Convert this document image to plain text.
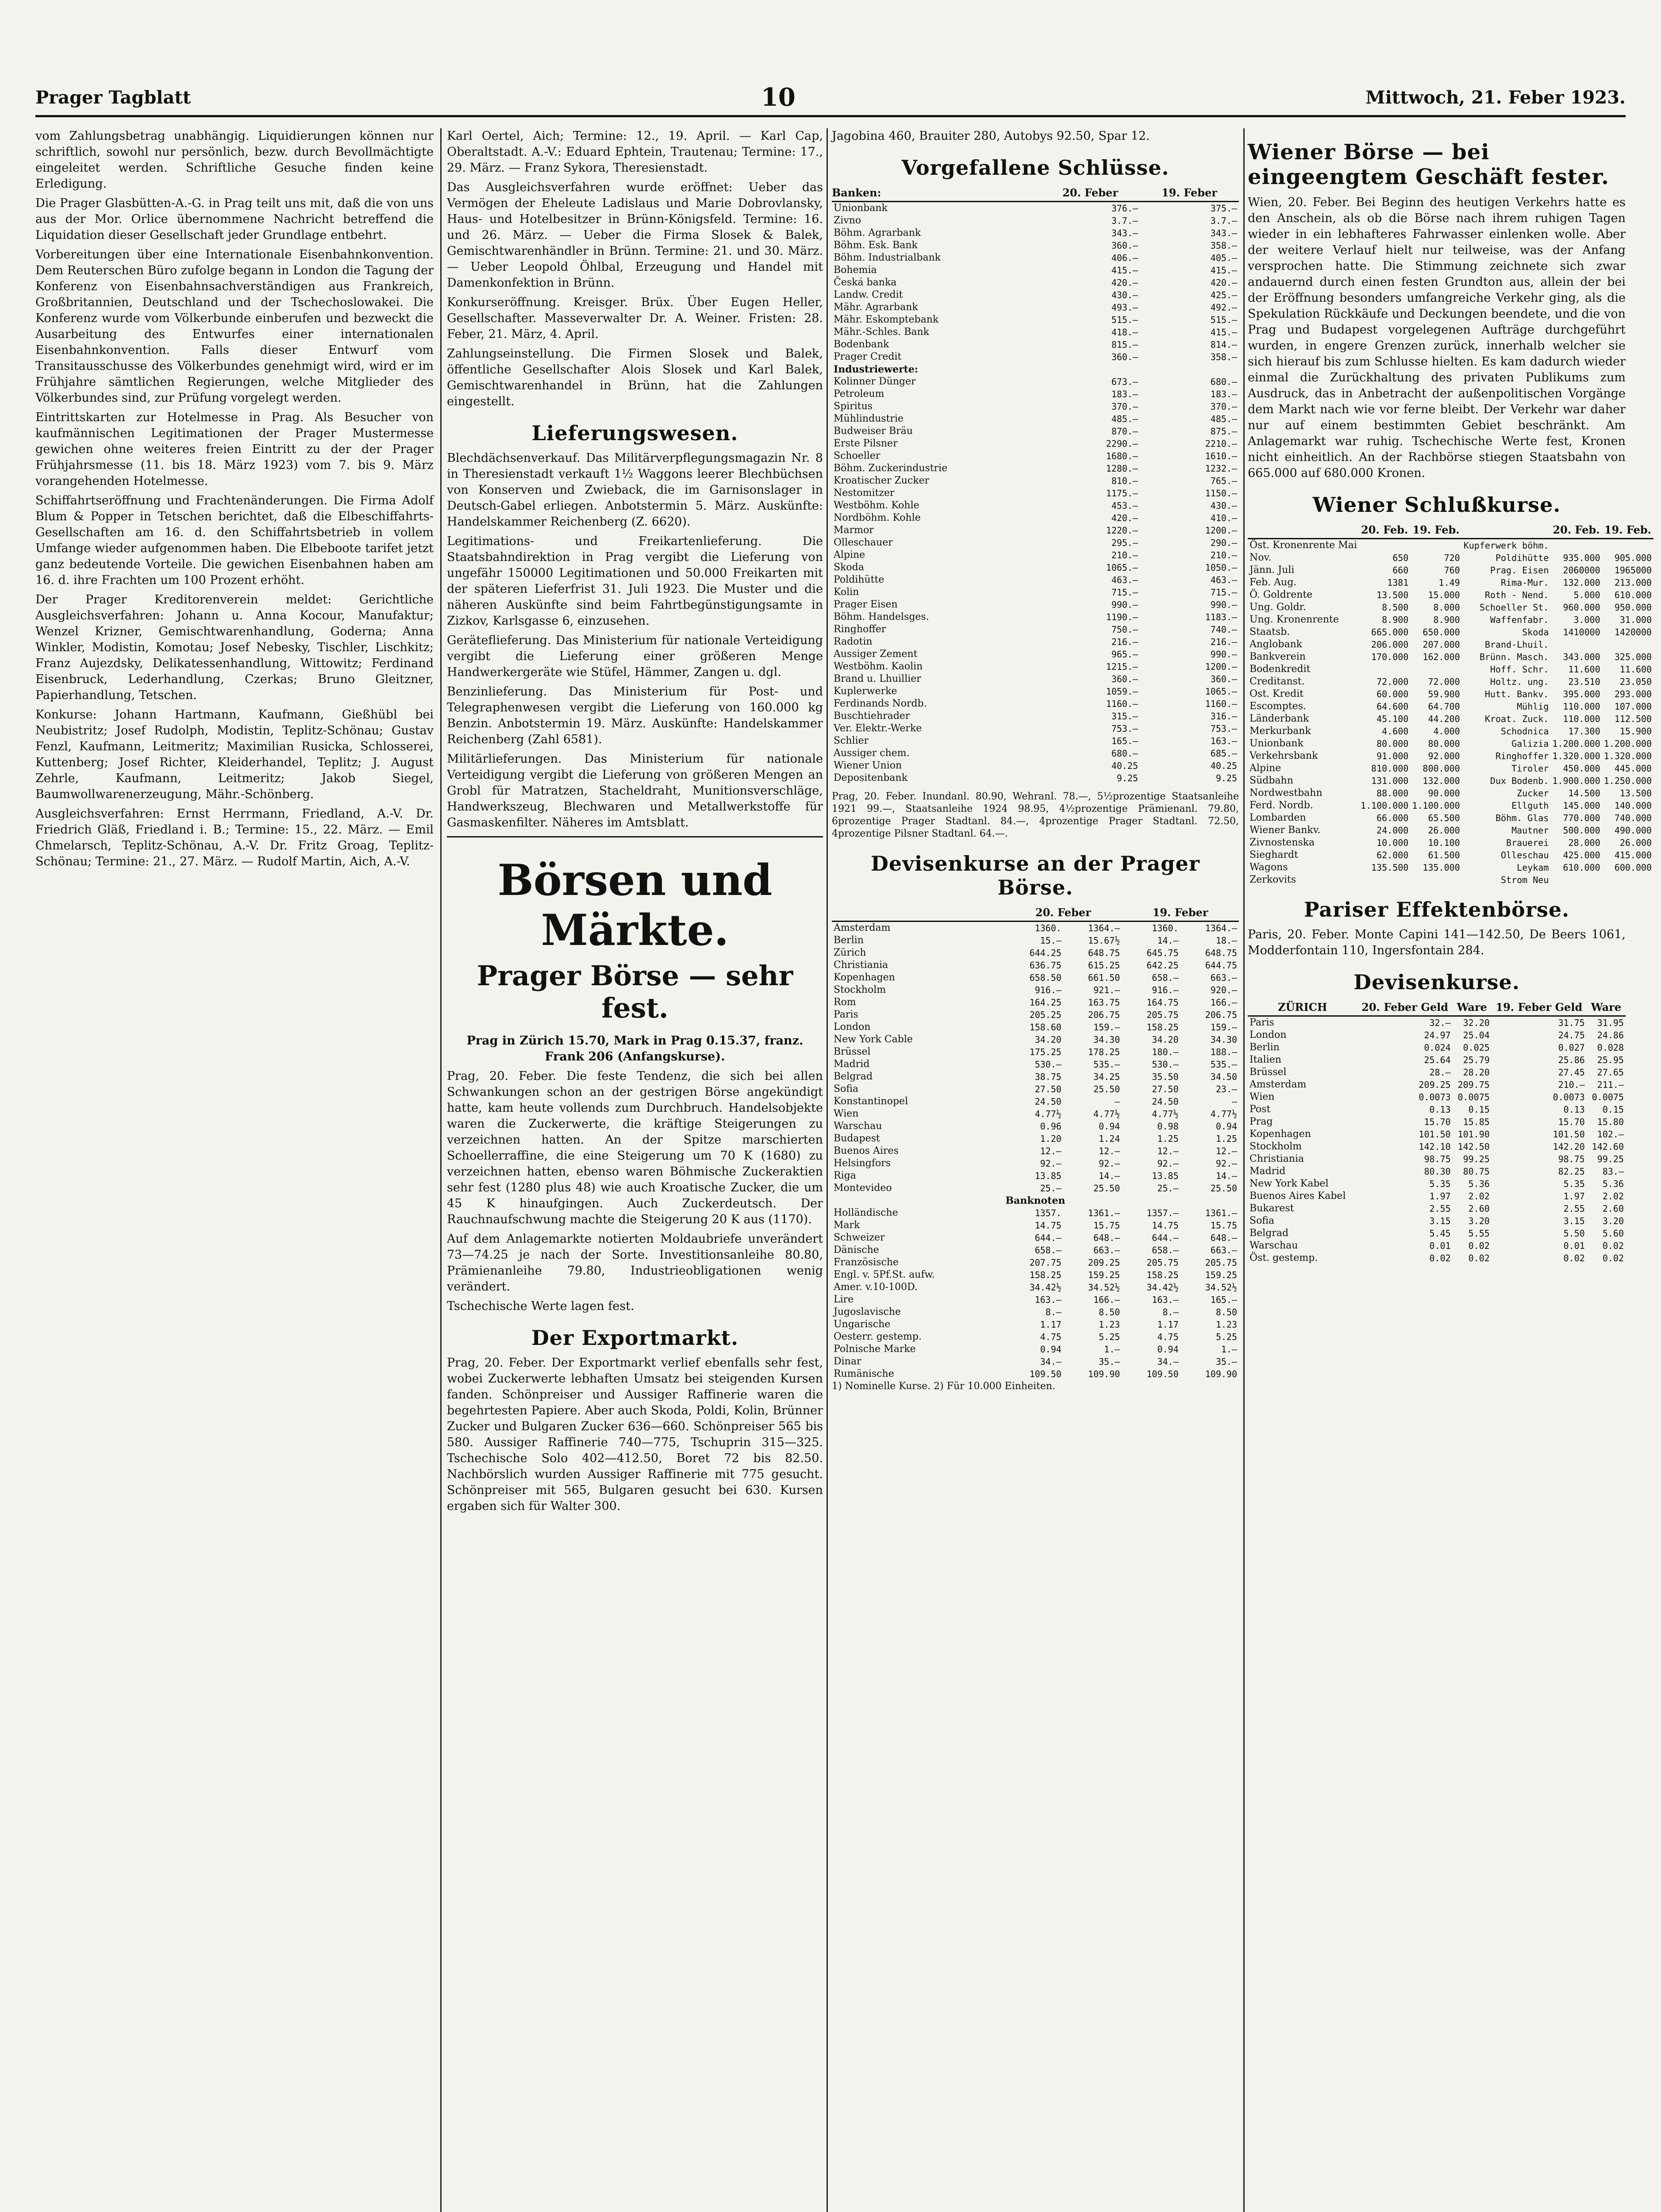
Prager Tagblatt	10	Mittwoch, 21. Feber 1923.

vom Zahlungsbetrag unabhängig. Liquidierungen können nur schriftlich, sowohl nur persönlich, bezw. durch Bevollmächtigte eingeleitet werden. Schriftliche Gesuche finden keine Erledigung.

Die Prager Glasbütten-A.-G. in Prag teilt uns mit, daß die von uns aus der Mor. Orlice übernommene Nachricht betreffend die Liquidation dieser Gesellschaft jeder Grundlage entbehrt.

Vorbereitungen über eine Internationale Eisenbahnkonvention. Dem Reuterschen Büro zufolge begann in London die Tagung der Konferenz von Eisenbahnsachverständigen aus Frankreich, Großbritannien, Deutschland und der Tschechoslowakei. Die Konferenz wurde vom Völkerbunde einberufen und bezweckt die Ausarbeitung des Entwurfes einer internationalen Eisenbahnkonvention. Falls dieser Entwurf vom Transitausschusse des Völkerbundes genehmigt wird, wird er im Frühjahre sämtlichen Regierungen, welche Mitglieder des Völkerbundes sind, zur Prüfung vorgelegt werden.

Eintrittskarten zur Hotelmesse in Prag. Als Besucher von kaufmännischen Legitimationen der Prager Mustermesse gewichen ohne weiteres freien Eintritt zu der der Prager Frühjahrsmesse (11. bis 18. März 1923) vom 7. bis 9. März vorangehenden Hotelmesse.

Schiffahrtseröffnung und Frachtenänderungen. Die Firma Adolf Blum & Popper in Tetschen berichtet, daß die Elbeschiffahrts-Gesellschaften am 16. d. den Schiffahrtsbetrieb in vollem Umfange wieder aufgenommen haben. Die Elbeboote tarifet jetzt ganz bedeutende Vorteile. Die gewichen Eisenbahnen haben am 16. d. ihre Frachten um 100 Prozent erhöht.

Der Prager Kreditorenverein meldet: Gerichtliche Ausgleichsverfahren: Johann u. Anna Kocour, Manufaktur; Wenzel Krizner, Gemischtwarenhandlung, Goderna; Anna Winkler, Modistin, Komotau; Josef Nebesky, Tischler, Lischkitz; Franz Aujezdsky, Delikatessenhandlung, Wittowitz; Ferdinand Eisenbruck, Lederhandlung, Czerkas; Bruno Gleitzner, Papierhandlung, Tetschen.

Konkurse: Johann Hartmann, Kaufmann, Gießhübl bei Neubistritz; Josef Rudolph, Modistin, Teplitz-Schönau; Gustav Fenzl, Kaufmann, Leitmeritz; Maximilian Rusicka, Schlosserei, Kuttenberg; Josef Richter, Kleiderhandel, Teplitz; J. August Zehrle, Kaufmann, Leitmeritz; Jakob Siegel, Baumwollwarenerzeugung, Mähr.-Schönberg.

Ausgleichsverfahren: Ernst Herrmann, Friedland, A.-V. Dr. Friedrich Gläß, Friedland i. B.; Termine: 15., 22. März. — Emil Chmelarsch, Teplitz-Schönau, A.-V. Dr. Fritz Groag, Teplitz-Schönau; Termine: 21., 27. März. — Rudolf Martin, Aich, A.-V.

Karl Oertel, Aich; Termine: 12., 19. April. — Karl Cap, Oberaltstadt. A.-V.: Eduard Ephtein, Trautenau; Termine: 17., 29. März. — Franz Sykora, Theresienstadt.

Das Ausgleichsverfahren wurde eröffnet: Ueber das Vermögen der Eheleute Ladislaus und Marie Dobrovlansky, Haus- und Hotelbesitzer in Brünn-Königsfeld. Termine: 16. und 26. März. — Ueber die Firma Slosek & Balek, Gemischtwarenhändler in Brünn. Termine: 21. und 30. März. — Ueber Leopold Öhlbal, Erzeugung und Handel mit Damenkonfektion in Brünn.

Konkurseröffnung. Kreisger. Brüx. Über Eugen Heller, Gesellschafter. Masseverwalter Dr. A. Weiner. Fristen: 28. Feber, 21. März, 4. April.

Zahlungseinstellung. Die Firmen Slosek und Balek, öffentliche Gesellschafter Alois Slosek und Karl Balek, Gemischtwarenhandel in Brünn, hat die Zahlungen eingestellt.

Lieferungswesen.

Blechdächsenverkauf. Das Militärverpflegungsmagazin Nr. 8 in Theresienstadt verkauft 1½ Waggons leerer Blechbüchsen von Konserven und Zwieback, die im Garnisonslager in Deutsch-Gabel erliegen. Anbotstermin 5. März. Auskünfte: Handelskammer Reichenberg (Z. 6620).

Legitimations- und Freikartenlieferung. Die Staatsbahndirektion in Prag vergibt die Lieferung von ungefähr 150000 Legitimationen und 50.000 Freikarten mit der späteren Lieferfrist 31. Juli 1923. Die Muster und die näheren Auskünfte sind beim Fahrtbegünstigungsamte in Zizkov, Karlsgasse 6, einzusehen.

Geräteflieferung. Das Ministerium für nationale Verteidigung vergibt die Lieferung einer größeren Menge Handwerkergeräte wie Stüfel, Hämmer, Zangen u. dgl.

Benzinlieferung. Das Ministerium für Post- und Telegraphenwesen vergibt die Lieferung von 160.000 kg Benzin. Anbotstermin 19. März. Auskünfte: Handelskammer Reichenberg (Zahl 6581).

Militärlieferungen. Das Ministerium für nationale Verteidigung vergibt die Lieferung von größeren Mengen an Grobl für Matratzen, Stacheldraht, Munitionsverschläge, Handwerkszeug, Blechwaren und Metallwerkstoffe für Gasmaskenfilter. Näheres im Amtsblatt.

Börsen und Märkte.
Prager Börse — sehr fest.

Prag in Zürich 15.70, Mark in Prag 0.15.37, franz. Frank 206 (Anfangskurse).

Prag, 20. Feber. Die feste Tendenz, die sich bei allen Schwankungen schon an der gestrigen Börse angekündigt hatte, kam heute vollends zum Durchbruch. Handelsobjekte waren die Zuckerwerte, die kräftige Steigerungen zu verzeichnen hatten. An der Spitze marschierten Schoellerraffine, die eine Steigerung um 70 K (1680) zu verzeichnen hatten, ebenso waren Böhmische Zuckeraktien sehr fest (1280 plus 48) wie auch Kroatische Zucker, die um 45 K hinaufgingen. Auch Zuckerdeutsch. Der Rauchnaufschwung machte die Steigerung 20 K aus (1170).

Auf dem Anlagemarkte notierten Moldaubriefe unverändert 73—74.25 je nach der Sorte. Investitionsanleihe 80.80, Prämienanleihe 79.80, Industrieobligationen wenig verändert.

Tschechische Werte lagen fest.

Der Exportmarkt.

Prag, 20. Feber. Der Exportmarkt verlief ebenfalls sehr fest, wobei Zuckerwerte lebhaften Umsatz bei steigenden Kursen fanden. Schönpreiser und Aussiger Raffinerie waren die begehrtesten Papiere. Aber auch Skoda, Poldi, Kolin, Brünner Zucker und Bulgaren Zucker 636—660. Schönpreiser 565 bis 580. Aussiger Raffinerie 740—775, Tschuprin 315—325. Tschechische Solo 402—412.50, Boret 72 bis 82.50. Nachbörslich wurden Aussiger Raffinerie mit 775 gesucht. Schönpreiser mit 565, Bulgaren gesucht bei 630. Kursen ergaben sich für Walter 300.

Jagobina 460, Brauiter 280, Autobys 92.50, Spar 12.

Vorgefallene Schlüsse.
Banken:	20. Feber	19. Feber
Unionbank	376.—	375.—
Zivno	3.7.—	3.7.—
Böhm. Agrarbank	343.—	343.—
Böhm. Esk. Bank	360.—	358.—
Böhm. Industrialbank	406.—	405.—
Bohemia	415.—	415.—
Česká banka	420.—	420.—
Landw. Credit	430.—	425.—
Mähr. Agrarbank	493.—	492.—
Mähr. Eskomptebank	515.—	515.—
Mähr.-Schles. Bank	418.—	415.—
Bodenbank	815.—	814.—
Prager Credit	360.—	358.—
Industriewerte:		
Kolinner Dünger	673.—	680.—
Petroleum	183.—	183.—
Spiritus	370.—	370.—
Mühlindustrie	485.—	485.—
Budweiser Bräu	870.—	875.—
Erste Pilsner	2290.—	2210.—
Schoeller	1680.—	1610.—
Böhm. Zuckerindustrie	1280.—	1232.—
Kroatischer Zucker	810.—	765.—
Nestomitzer	1175.—	1150.—
Westböhm. Kohle	453.—	430.—
Nordböhm. Kohle	420.—	410.—
Marmor	1220.—	1200.—
Olleschauer	295.—	290.—
Alpine	210.—	210.—
Skoda	1065.—	1050.—
Poldihütte	463.—	463.—
Kolin	715.—	715.—
Prager Eisen	990.—	990.—
Böhm. Handelsges.	1190.—	1183.—
Ringhoffer	750.—	740.—
Radotin	216.—	216.—
Aussiger Zement	965.—	990.—
Westböhm. Kaolin	1215.—	1200.—
Brand u. Lhuillier	360.—	360.—
Kuplerwerke	1059.—	1065.—
Ferdinands Nordb.	1160.—	1160.—
Buschtiehrader	315.—	316.—
Ver. Elektr.-Werke	753.—	753.—
Schlier	165.—	163.—
Aussiger chem.	680.—	685.—
Wiener Union	40.25	40.25
Depositenbank	9.25	9.25

Prag, 20. Feber. Inundanl. 80.90, Wehranl. 78.—, 5½prozentige Staatsanleihe 1921 99.—, Staatsanleihe 1924 98.95, 4½prozentige Prämienanl. 79.80, 6prozentige Prager Stadtanl. 84.—, 4prozentige Prager Stadtanl. 72.50, 4prozentige Pilsner Stadtanl. 64.—.

Devisenkurse an der Prager Börse.
	20. Feber		19. Feber	
Amsterdam	1360.	1364.—	1360.	1364.—
Berlin	15.—	15.67½	14.—	18.—
Zürich	644.25	648.75	645.75	648.75
Christiania	636.75	615.25	642.25	644.75
Kopenhagen	658.50	661.50	658.—	663.—
Stockholm	916.—	921.—	916.—	920.—
Rom	164.25	163.75	164.75	166.—
Paris	205.25	206.75	205.75	206.75
London	158.60	159.—	158.25	159.—
New York Cable	34.20	34.30	34.20	34.30
Brüssel	175.25	178.25	180.—	188.—
Madrid	530.—	535.—	530.—	535.—
Belgrad	38.75	34.25	35.50	34.50
Sofia	27.50	25.50	27.50	23.—
Konstantinopel	24.50	—	24.50	—
Wien	4.77½	4.77½	4.77½	4.77½
Warschau	0.96	0.94	0.98	0.94
Budapest	1.20	1.24	1.25	1.25
Buenos Aires	12.—	12.—	12.—	12.—
Helsingfors	92.—	92.—	92.—	92.—
Riga	13.85	14.—	13.85	14.—
Montevideo	25.—	25.50	25.—	25.50
Banknoten				
Holländische	1357.	1361.—	1357.—	1361.—
Mark	14.75	15.75	14.75	15.75
Schweizer	644.—	648.—	644.—	648.—
Dänische	658.—	663.—	658.—	663.—
Französische	207.75	209.25	205.75	205.75
Engl. v. 5Pf.St. aufw.	158.25	159.25	158.25	159.25
Amer. v.10-100D.	34.42½	34.52½	34.42½	34.52½
Lire	163.—	166.—	163.—	165.—
Jugoslavische	8.—	8.50	8.—	8.50
Ungarische	1.17	1.23	1.17	1.23
Oesterr. gestemp.	4.75	5.25	4.75	5.25
Polnische Marke	0.94	1.—	0.94	1.—
Dinar	34.—	35.—	34.—	35.—
Rumänische	109.50	109.90	109.50	109.90

1) Nominelle Kurse. 2) Für 10.000 Einheiten.

Wiener Börse — bei eingeengtem Geschäft fester.

Wien, 20. Feber. Bei Beginn des heutigen Verkehrs hatte es den Anschein, als ob die Börse nach ihrem ruhigen Tagen wieder in ein lebhafteres Fahrwasser einlenken wolle. Aber der weitere Verlauf hielt nur teilweise, was der Anfang versprochen hatte. Die Stimmung zeichnete sich zwar andauernd durch einen festen Grundton aus, allein der bei der Eröffnung besonders umfangreiche Verkehr ging, als die Spekulation Rückkäufe und Deckungen beendete, und die von Prag und Budapest vorgelegenen Aufträge durchgeführt wurden, in engere Grenzen zurück, innerhalb welcher sie sich hierauf bis zum Schlusse hielten. Es kam dadurch wieder einmal die Zurückhaltung des privaten Publikums zum Ausdruck, das in Anbetracht der außenpolitischen Vorgänge dem Markt nach wie vor ferne bleibt. Der Verkehr war daher nur auf einem bestimmten Gebiet beschränkt. Am Anlagemarkt war ruhig. Tschechische Werte fest, Kronen nicht einheitlich. An der Rachbörse stiegen Staatsbahn von 665.000 auf 680.000 Kronen.

Wiener Schlußkurse.
	20. Feb.	19. Feb.		20. Feb.	19. Feb.
Öst. Kronenrente Mai			Kupferwerk böhm.		
Nov.	650	720	Poldihütte	935.000	905.000
Jänn. Juli	660	760	Prag. Eisen	2060000	1965000
Feb. Aug.	1381	1.49	Rima-Mur.	132.000	213.000
Ö. Goldrente	13.500	15.000	Roth - Nend.	5.000	610.000
Ung. Goldr.	8.500	8.000	Schoeller St.	960.000	950.000
Ung. Kronenrente	8.900	8.900	Waffenfabr.	3.000	31.000
Staatsb.	665.000	650.000	Skoda	1410000	1420000
Anglobank	206.000	207.000	Brand-Lhuil.		
Bankverein	170.000	162.000	Brünn. Masch.	343.000	325.000
Bodenkredit			Hoff. Schr.	11.600	11.600
Creditanst.	72.000	72.000	Holtz. ung.	23.510	23.050
Ost. Kredit	60.000	59.900	Hutt. Bankv.	395.000	293.000
Escomptes.	64.600	64.700	Mühlig	110.000	107.000
Länderbank	45.100	44.200	Kroat. Zuck.	110.000	112.500
Merkurbank	4.600	4.000	Schodnica	17.300	15.900
Unionbank	80.000	80.000	Galizia	1.200.000	1.200.000
Verkehrsbank	91.000	92.000	Ringhoffer	1.320.000	1.320.000
Alpine	810.000	800.000	Tiroler	450.000	445.000
Südbahn	131.000	132.000	Dux Bodenb.	1.900.000	1.250.000
Nordwestbahn	88.000	90.000	Zucker	14.500	13.500
Ferd. Nordb.	1.100.000	1.100.000	Ellguth	145.000	140.000
Lombarden	66.000	65.500	Böhm. Glas	770.000	740.000
Wiener Bankv.	24.000	26.000	Mautner	500.000	490.000
Zivnostenska	10.000	10.100	Brauerei	28.000	26.000
Sieghardt	62.000	61.500	Olleschau	425.000	415.000
Wagons	135.500	135.000	Leykam	610.000	600.000
Zerkovits			Strom Neu		
Pariser Effektenbörse.

Paris, 20. Feber. Monte Capini 141—142.50, De Beers 1061, Modderfontain 110, Ingersfontain 284.

Devisenkurse.
ZÜRICH	20. Feber Geld	Ware	19. Feber Geld	Ware
Paris	32.—	32.20	31.75	31.95
London	24.97	25.04	24.75	24.86
Berlin	0.024	0.025	0.027	0.028
Italien	25.64	25.79	25.86	25.95
Brüssel	28.—	28.20	27.45	27.65
Amsterdam	209.25	209.75	210.—	211.—
Wien	0.0073	0.0075	0.0073	0.0075
Post	0.13	0.15	0.13	0.15
Prag	15.70	15.85	15.70	15.80
Kopenhagen	101.50	101.90	101.50	102.—
Stockholm	142.10	142.50	142.20	142.60
Christiania	98.75	99.25	98.75	99.25
Madrid	80.30	80.75	82.25	83.—
New York Kabel	5.35	5.36	5.35	5.36
Buenos Aires Kabel	1.97	2.02	1.97	2.02
Bukarest	2.55	2.60	2.55	2.60
Sofia	3.15	3.20	3.15	3.20
Belgrad	5.45	5.55	5.50	5.60
Warschau	0.01	0.02	0.01	0.02
Öst. gestemp.	0.02	0.02	0.02	0.02
